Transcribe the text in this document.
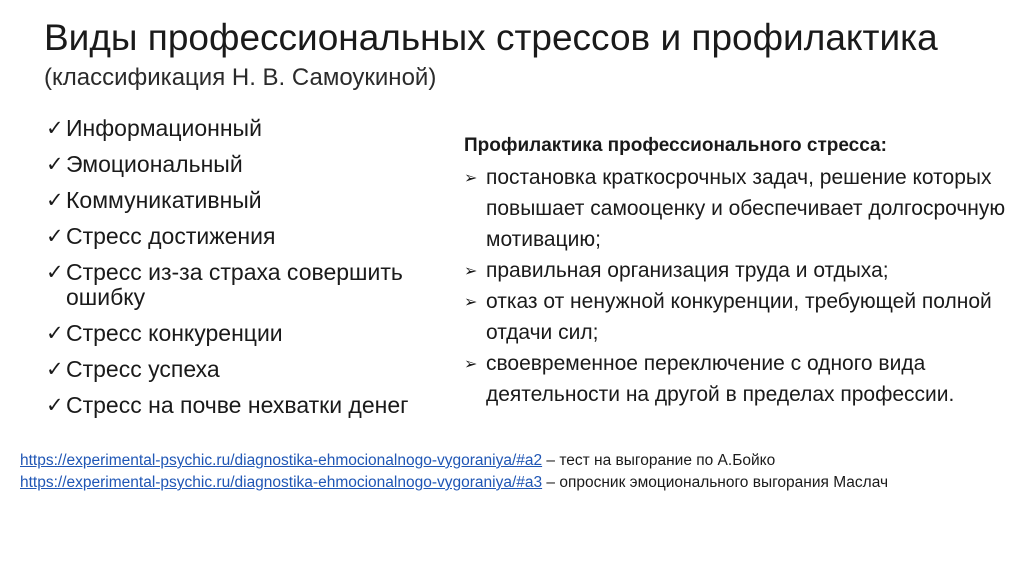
Виды профессиональных стрессов и профилактика
(классификация Н. В. Самоукиной)
✓ Информационный
✓ Эмоциональный
✓ Коммуникативный
✓ Стресс достижения
✓ Стресс из-за страха совершить ошибку
✓ Стресс конкуренции
✓ Стресс успеха
✓ Стресс на почве нехватки денег
Профилактика профессионального стресса:
➢ постановка краткосрочных задач, решение которых повышает самооценку и обеспечивает долгосрочную мотивацию;
➢ правильная организация труда и отдыха;
➢ отказ от ненужной конкуренции, требующей полной отдачи сил;
➢ своевременное переключение с одного вида деятельности на другой в пределах профессии.
https://experimental-psychic.ru/diagnostika-ehmocionalnogo-vygoraniya/#a2 – тест на выгорание по А.Бойко
https://experimental-psychic.ru/diagnostika-ehmocionalnogo-vygoraniya/#a3 – опросник эмоционального выгорания Маслач
